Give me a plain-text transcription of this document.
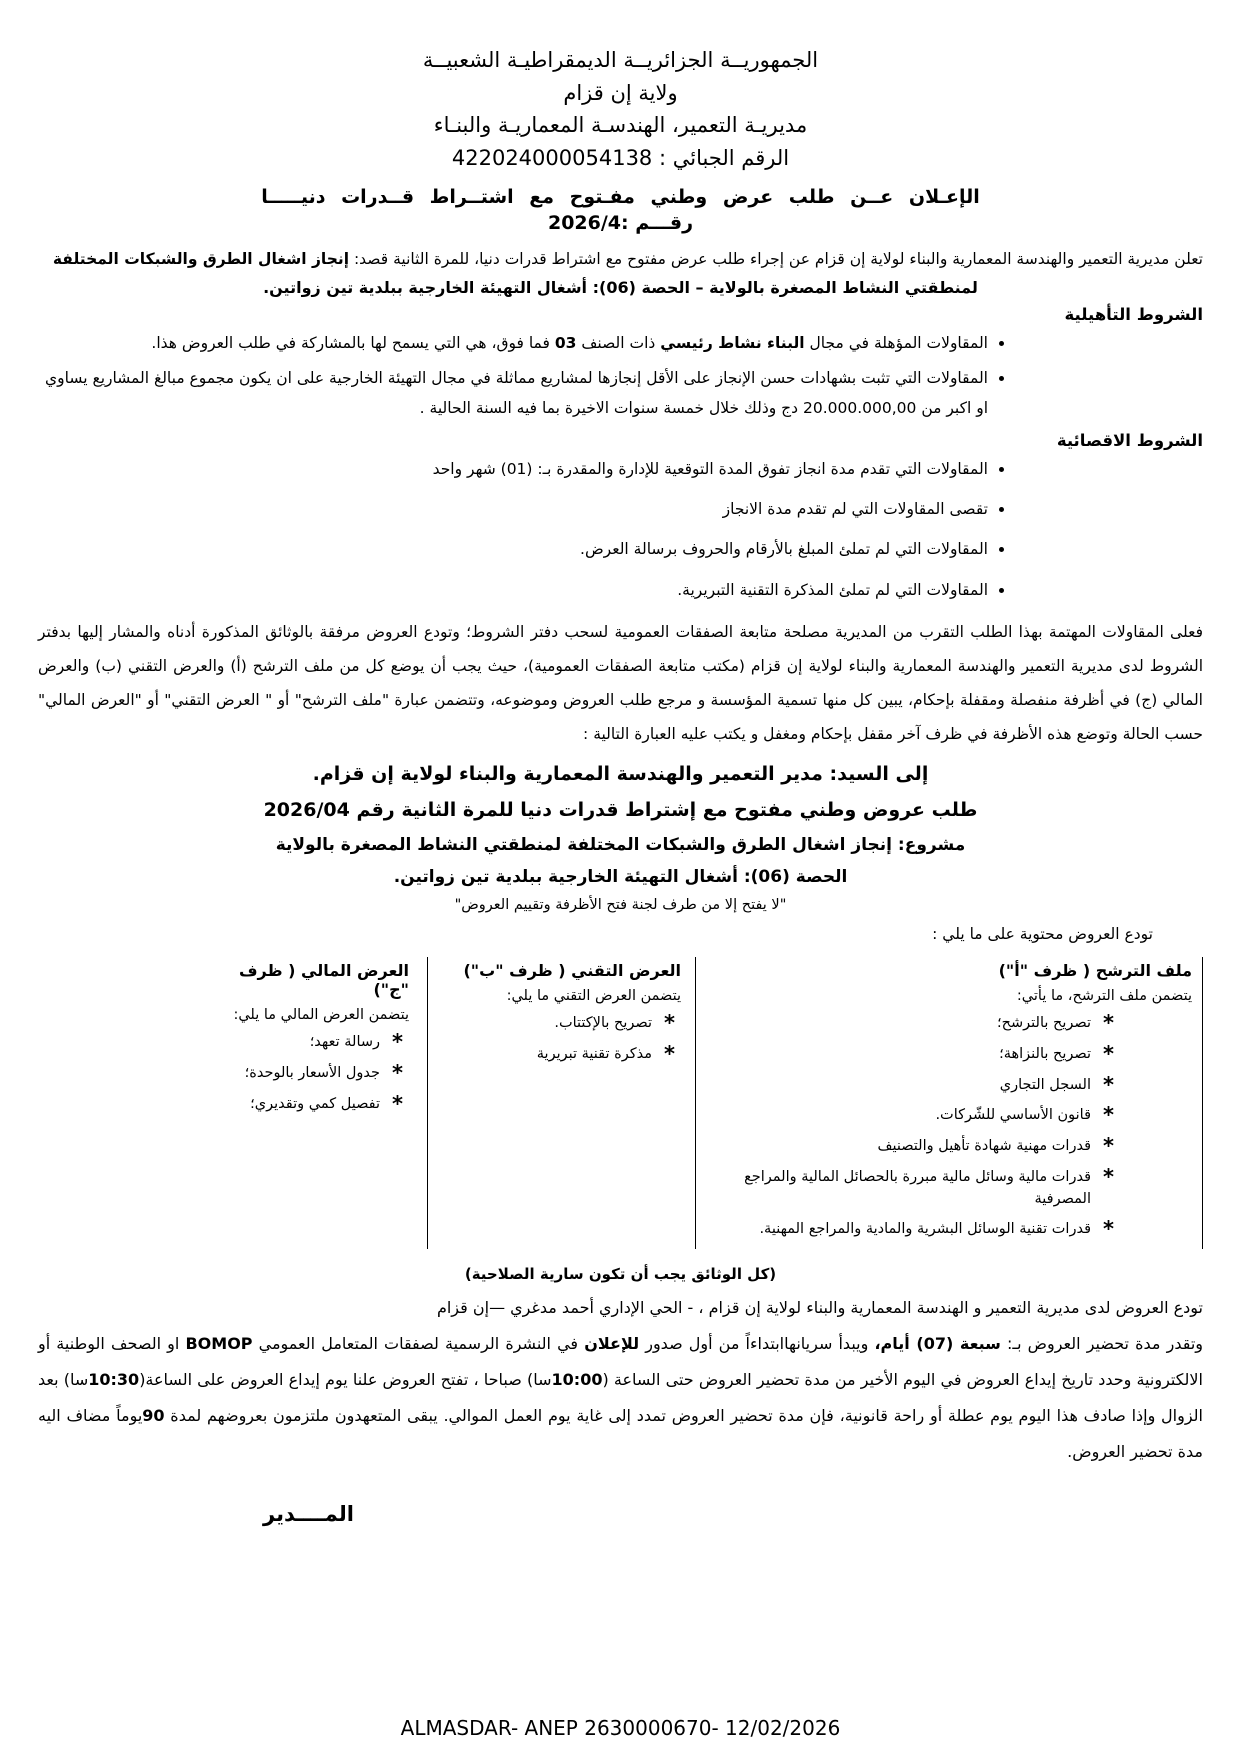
الجمهوريــة الجزائريــة الديمقراطيـة الشعبيــة
ولاية إن قزام
مديريـة التعمير، الهندسـة المعماريـة والبنـاء
الرقم الجبائي : 422024000054138
الإعـلان عــن طلب عرض وطني مفـتوح مع اشتــراط قــدرات دنيـــــا
رقـــم :2026/4

تعلن مديرية التعمير والهندسة المعمارية والبناء لولاية إن قزام عن إجراء طلب عرض مفتوح مع اشتراط قدرات دنيا، للمرة الثانية قصد: إنجاز اشغال الطرق والشبكات المختلفة

لمنطقتي النشاط المصغرة بالولاية – الحصة (06): أشغال التهيئة الخارجية ببلدية تين زواتين.
الشروط التأهيلية
• المقاولات المؤهلة في مجال البناء نشاط رئيسي ذات الصنف 03 فما فوق، هي التي يسمح لها بالمشاركة في طلب العروض هذا.
• المقاولات التي تثبت بشهادات حسن الإنجاز على الأقل إنجازها لمشاريع مماثلة في مجال التهيئة الخارجية على ان يكون مجموع مبالغ المشاريع يساوي او اكبر من 20.000.000,00 دج وذلك خلال خمسة سنوات الاخيرة بما فيه السنة الحالية .
الشروط الاقصائية
• المقاولات التي تقدم مدة انجاز تفوق المدة التوقعية للإدارة والمقدرة بـ: (01) شهر واحد
• تقصى المقاولات التي لم تقدم مدة الانجاز
• المقاولات التي لم تملئ المبلغ بالأرقام والحروف برسالة العرض.
• المقاولات التي لم تملئ المذكرة التقنية التبريرية.

فعلى المقاولات المهتمة بهذا الطلب التقرب من المديرية مصلحة متابعة الصفقات العمومية لسحب دفتر الشروط؛ وتودع العروض مرفقة بالوثائق المذكورة أدناه والمشار إليها بدفتر الشروط لدى مديرية التعمير والهندسة المعمارية والبناء لولاية إن قزام (مكتب متابعة الصفقات العمومية)، حيث يجب أن يوضع كل من ملف الترشح (أ) والعرض التقني (ب) والعرض المالي (ج) في أظرفة منفصلة ومقفلة بإحكام، يبين كل منها تسمية المؤسسة و مرجع طلب العروض وموضوعه، وتتضمن عبارة "ملف الترشح" أو " العرض التقني" أو "العرض المالي" حسب الحالة وتوضع هذه الأظرفة في ظرف آخر مقفل بإحكام ومغفل و يكتب عليه العبارة التالية :

إلى السيد: مدير التعمير والهندسة المعمارية والبناء لولاية إن قزام.
طلب عروض وطني مفتوح مع إشتراط قدرات دنيا للمرة الثانية رقم 2026/04
مشروع: إنجاز اشغال الطرق والشبكات المختلفة لمنطقتي النشاط المصغرة بالولاية
الحصة (06): أشغال التهيئة الخارجية ببلدية تين زواتين.
"لا يفتح إلا من طرف لجنة فتح الأظرفة وتقييم العروض"
تودع العروض محتوية على ما يلي :
ملف الترشح ( ظرف "أ")
يتضمن ملف الترشح، ما يأتي:
*
تصريح بالترشح؛
*
تصريح بالنزاهة؛
*
السجل التجاري
*
قانون الأساسي للشّركات.
*
قدرات مهنية شهادة تأهيل والتصنيف
*
قدرات مالية وسائل مالية مبررة بالحصائل المالية والمراجع المصرفية
*
قدرات تقنية الوسائل البشرية والمادية والمراجع المهنية.
العرض التقني ( ظرف "ب")
يتضمن العرض التقني ما يلي:
*
تصريح بالإكتتاب.
*
مذكرة تقنية تبريرية
العرض المالي ( ظرف "ج")
يتضمن العرض المالي ما يلي:
*
رسالة تعهد؛
*
جدول الأسعار بالوحدة؛
*
تفصيل كمي وتقديري؛
(كل الوثائق يجب أن تكون سارية الصلاحية)
تودع العروض لدى مديرية التعمير و الهندسة المعمارية والبناء لولاية إن قزام ، - الحي الإداري أحمد مدغري —إن قزام

وتقدر مدة تحضير العروض بـ: سبعة (07) أيام، ويبدأ سريانهاابتداءاً من أول صدور للإعلان في النشرة الرسمية لصفقات المتعامل العمومي BOMOP او الصحف الوطنية أو الالكترونية وحدد تاريخ إيداع العروض في اليوم الأخير من مدة تحضير العروض حتى الساعة (10:00سا) صباحا ، تفتح العروض علنا يوم إيداع العروض على الساعة(10:30سا) بعد الزوال وإذا صادف هذا اليوم يوم عطلة أو راحة قانونية، فإن مدة تحضير العروض تمدد إلى غاية يوم العمل الموالي. يبقى المتعهدون ملتزمون بعروضهم لمدة 90يوماً مضاف اليه مدة تحضير العروض.

المــــدير
ALMASDAR- ANEP 2630000670- 12/02/2026
